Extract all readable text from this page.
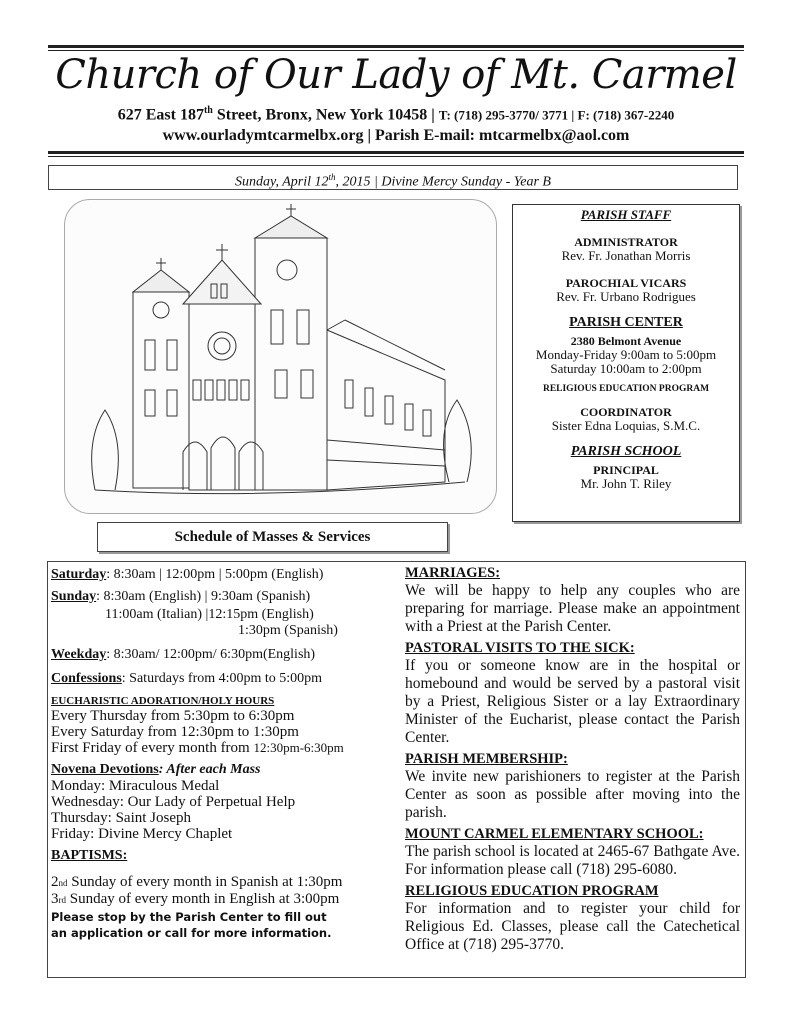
Church of Our Lady of Mt. Carmel
627 East 187th Street, Bronx, New York 10458 | T: (718) 295-3770/ 3771 | F: (718) 367-2240
www.ourladymtcarmelbx.org | Parish E-mail: mtcarmelbx@aol.com
Sunday, April 12th, 2015 | Divine Mercy Sunday - Year B
PARISH STAFF
ADMINISTRATOR
Rev. Fr. Jonathan Morris
PAROCHIAL VICARS
Rev. Fr. Urbano Rodrigues
PARISH CENTER
2380 Belmont Avenue
Monday-Friday 9:00am to 5:00pm
Saturday 10:00am to 2:00pm
RELIGIOUS EDUCATION PROGRAM
COORDINATOR
Sister Edna Loquias, S.M.C.
PARISH SCHOOL
PRINCIPAL
Mr. John T. Riley
Schedule of Masses & Services
Saturday: 8:30am | 12:00pm | 5:00pm (English)
Sunday: 8:30am (English) | 9:30am (Spanish)
11:00am (Italian) |12:15pm (English)
1:30pm (Spanish)
Weekday: 8:30am/ 12:00pm/ 6:30pm(English)
Confessions: Saturdays from 4:00pm to 5:00pm
EUCHARISTIC ADORATION/HOLY HOURS
Every Thursday from 5:30pm to 6:30pm
Every Saturday from 12:30pm to 1:30pm
First Friday of every month from 12:30pm-6:30pm
Novena Devotions: After each Mass
Monday: Miraculous Medal
Wednesday: Our Lady of Perpetual Help
Thursday: Saint Joseph
Friday: Divine Mercy Chaplet
BAPTISMS:
2nd Sunday of every month in Spanish at 1:30pm
3rd Sunday of every month in English at 3:00pm
Please stop by the Parish Center to fill out
an application or call for more information.
MARRIAGES:

We will be happy to help any couples who are preparing for marriage. Please make an appointment with a Priest at the Parish Center.

PASTORAL VISITS TO THE SICK:

If you or someone know are in the hospital or homebound and would be served by a pastoral visit by a Priest, Religious Sister or a lay Extraordinary Minister of the Eucharist, please contact the Parish Center.

PARISH MEMBERSHIP:

We invite new parishioners to register at the Parish Center as soon as possible after moving into the parish.

MOUNT CARMEL ELEMENTARY SCHOOL:

The parish school is located at 2465-67 Bathgate Ave. For information please call (718) 295-6080.

RELIGIOUS EDUCATION PROGRAM

For information and to register your child for Religious Ed. Classes, please call the Catechetical Office at (718) 295-3770.
